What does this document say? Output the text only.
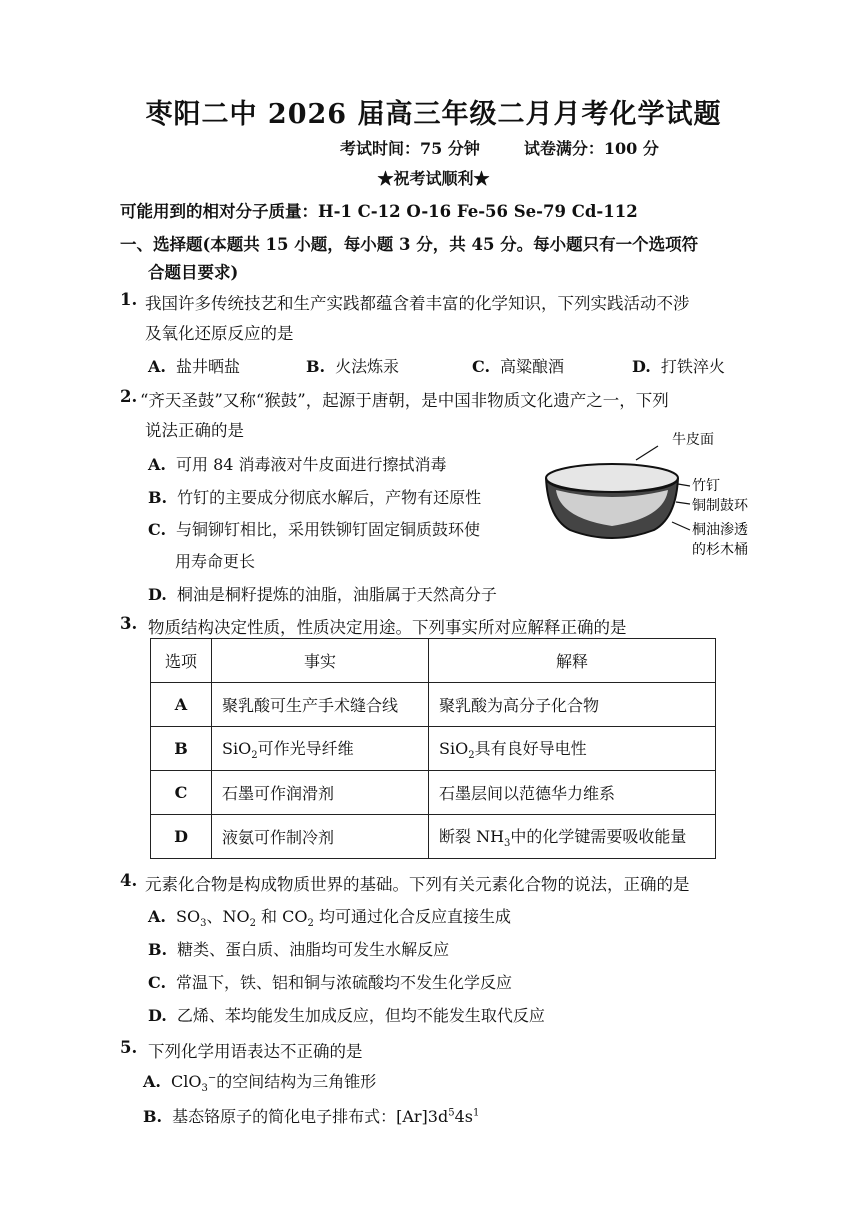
枣阳二中 2026 届高三年级二月月考化学试题
考试时间：75 分钟	试卷满分：100 分
★祝考试顺利★
可能用到的相对分子质量：H-1 C-12 O-16 Fe-56 Se-79 Cd-112
一、选择题(本题共 15 小题，每小题 3 分，共 45 分。每小题只有一个选项符
合题目要求)
1. 我国许多传统技艺和生产实践都蕴含着丰富的化学知识，下列实践活动不涉
及氧化还原反应的是
A. 盐井晒盐	B. 火法炼汞	C. 高粱酿酒	D. 打铁淬火
2. “齐天圣鼓”又称“猴鼓”，起源于唐朝，是中国非物质文化遗产之一，下列
说法正确的是
A. 可用 84 消毒液对牛皮面进行擦拭消毒
B. 竹钉的主要成分彻底水解后，产物有还原性
C. 与铜铆钉相比，采用铁铆钉固定铜质鼓环使
用寿命更长
D. 桐油是桐籽提炼的油脂，油脂属于天然高分子
牛皮面
竹钉
铜制鼓环
桐油渗透
的杉木桶
3. 物质结构决定性质，性质决定用途。下列事实所对应解释正确的是
选项	事实	解释
A	聚乳酸可生产手术缝合线	聚乳酸为高分子化合物
B	SiO$_2$可作光导纤维	SiO$_2$具有良好导电性
C	石墨可作润滑剂	石墨层间以范德华力维系
D	液氨可作制冷剂	断裂 $NH_3$中的化学键需要吸收能量
4. 元素化合物是构成物质世界的基础。下列有关元素化合物的说法，正确的是
A. $SO_3$、$NO_2$ 和 $CO_2$ 均可通过化合反应直接生成
B. 糖类、蛋白质、油脂均可发生水解反应
C. 常温下，铁、铝和铜与浓硫酸均不发生化学反应
D. 乙烯、苯均能发生加成反应，但均不能发生取代反应
5. 下列化学用语表达不正确的是
A. ClO$_3$−的空间结构为三角锥形
B. 基态铬原子的简化电子排布式：$[Ar]3d^54s^1$
